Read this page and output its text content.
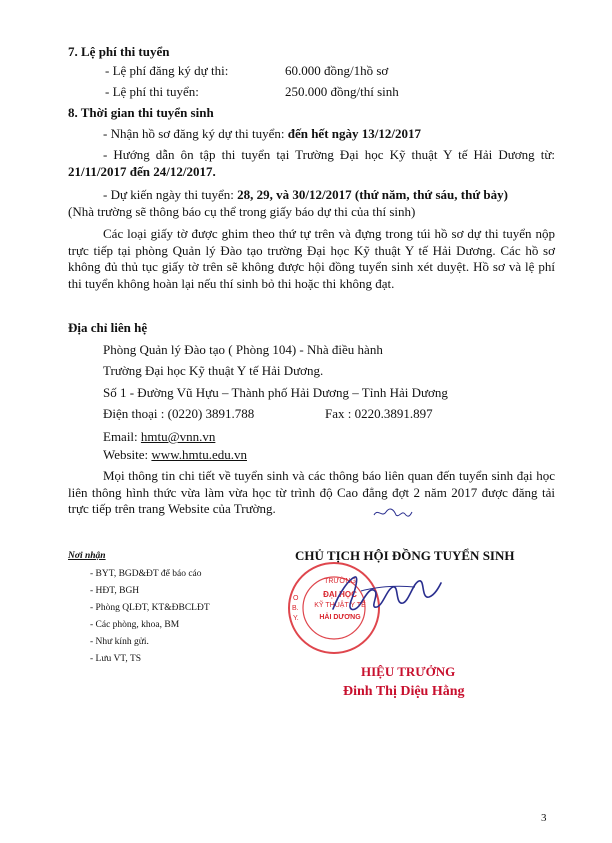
7. Lệ phí thi tuyển
- Lệ phí đăng ký dự thi:	60.000 đồng/1hồ sơ
- Lệ phí thi tuyển:	250.000 đồng/thí sinh
8. Thời gian thi tuyển sinh
- Nhận hồ sơ đăng ký dự thi tuyển: đến hết ngày 13/12/2017
- Hướng dẫn ôn tập thi tuyển tại Trường Đại học Kỹ thuật Y tế Hải Dương từ: 21/11/2017 đến 24/12/2017.
- Dự kiến ngày thi tuyển: 28, 29, và 30/12/2017 (thứ năm, thứ sáu, thứ bảy)
(Nhà trường sẽ thông báo cụ thể trong giấy báo dự thi của thí sinh)
Các loại giấy tờ được ghim theo thứ tự trên và đựng trong túi hồ sơ dự thi tuyển nộp trực tiếp tại phòng Quản lý Đào tạo trường Đại học Kỹ thuật Y tế Hải Dương. Các hồ sơ không đủ thủ tục giấy tờ trên sẽ không được hội đồng tuyển sinh xét duyệt. Hồ sơ và lệ phí thi tuyển không hoàn lại nếu thí sinh bỏ thi hoặc thi không đạt.
Địa chỉ liên hệ
Phòng Quản lý Đào tạo ( Phòng 104) - Nhà điều hành
Trường Đại học Kỹ thuật Y tế Hải Dương.
Số 1 - Đường Vũ Hựu – Thành phố Hải Dương – Tỉnh Hải Dương
Điện thoại : (0220) 3891.788	Fax : 0220.3891.897
Email: hmtu@vnn.vn
Website: www.hmtu.edu.vn
Mọi thông tin chi tiết về tuyển sinh và các thông báo liên quan đến tuyển sinh đại học liên thông hình thức vừa làm vừa học từ trình độ Cao đẳng đợt 2 năm 2017 được đăng tải trực tiếp trên trang Website của Trường.
Nơi nhận
- BYT, BGD&ĐT để báo cáo
- HĐT, BGH
- Phòng QLĐT, KT&ĐBCLĐT
- Các phòng, khoa, BM
- Như kính gửi.
- Lưu VT, TS
CHỦ TỊCH HỘI ĐỒNG TUYỂN SINH
B.
Y.
O
TRƯỜNG
ĐẠI HỌC
KỸ THUẬT Y TẾ
HẢI DƯƠNG
HIỆU TRƯỞNG
Đinh Thị Diệu Hằng
3
